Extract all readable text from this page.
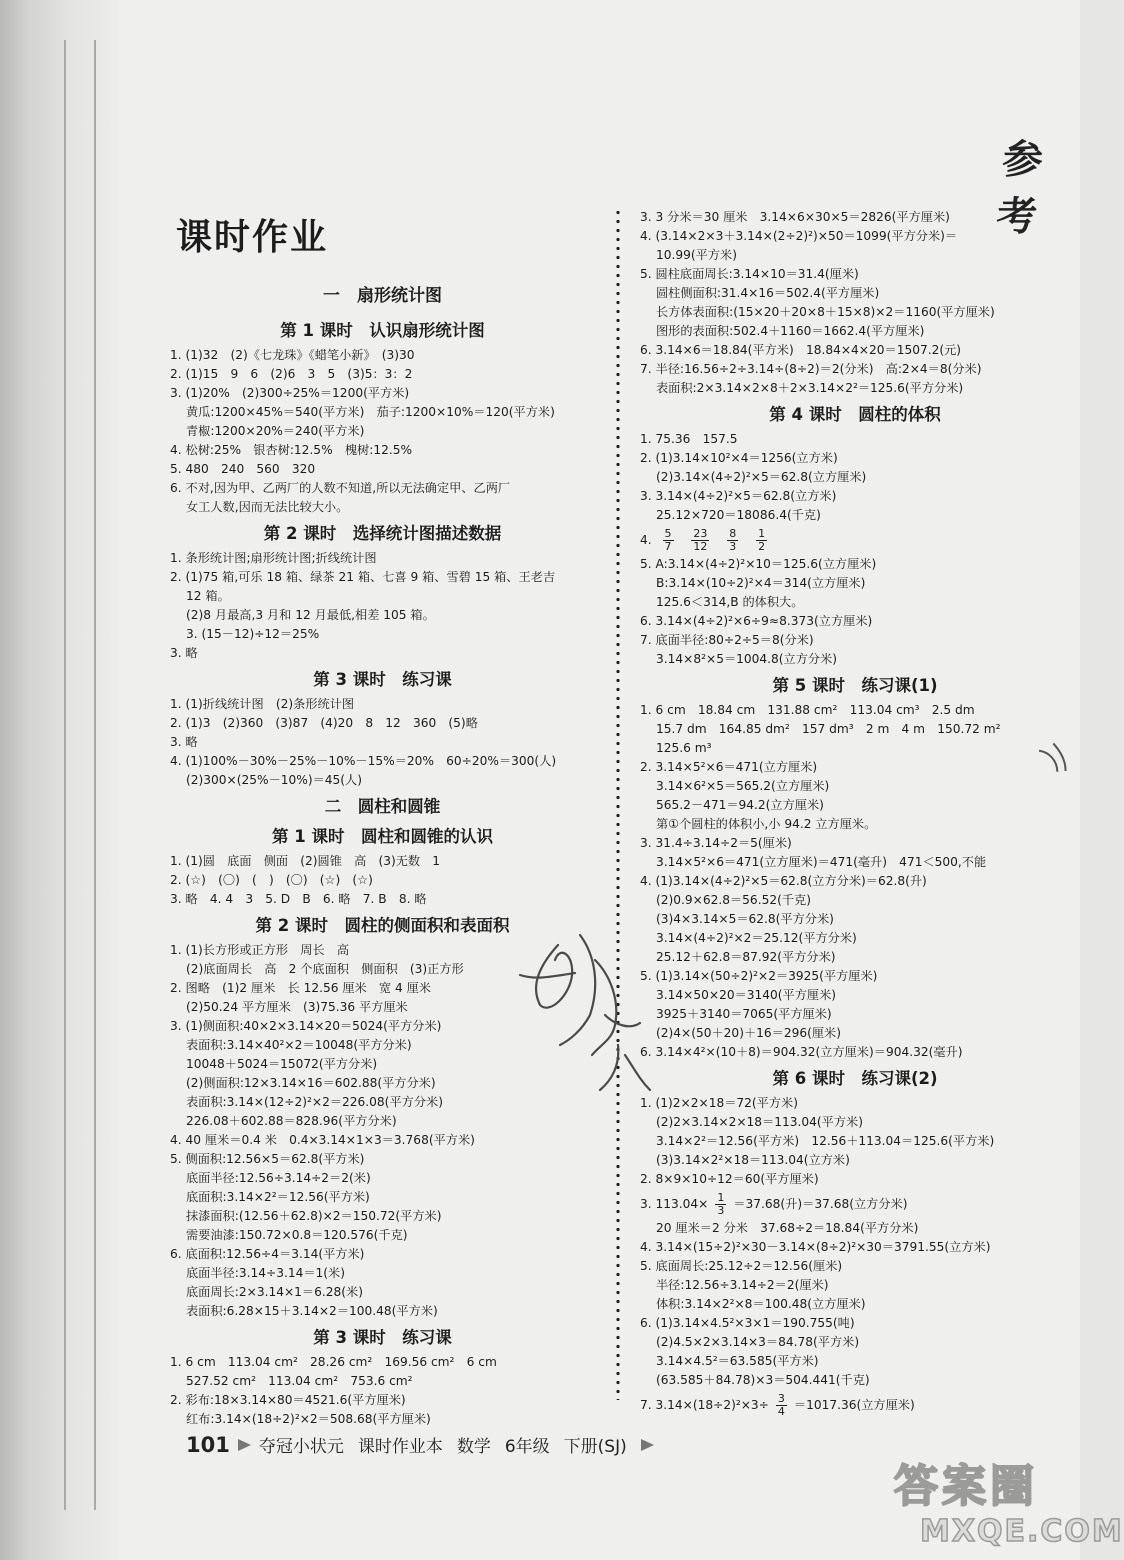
参考
课时作业
一　扇形统计图
第 1 课时　认识扇形统计图
1. (1)32　(2)《七龙珠》《蜡笔小新》　(3)30
2. (1)15　9　6　(2)6　3　5　(3)5：3：2
3. (1)20%　(2)300÷25%＝1200(平方米)
黄瓜:1200×45%＝540(平方米)　茄子:1200×10%＝120(平方米)
青椒:1200×20%＝240(平方米)
4. 松树:25%　银杏树:12.5%　槐树:12.5%
5. 480　240　560　320
6. 不对,因为甲、乙两厂的人数不知道,所以无法确定甲、乙两厂
女工人数,因而无法比较大小。
第 2 课时　选择统计图描述数据
1. 条形统计图;扇形统计图;折线统计图
2. (1)75 箱,可乐 18 箱、绿茶 21 箱、七喜 9 箱、雪碧 15 箱、王老吉
12 箱。
(2)8 月最高,3 月和 12 月最低,相差 105 箱。
3. (15－12)÷12＝25%
3. 略
第 3 课时　练习课
1. (1)折线统计图　(2)条形统计图
2. (1)3　(2)360　(3)87　(4)20　8　12　360　(5)略
3. 略
4. (1)100%－30%－25%－10%－15%＝20%　60÷20%＝300(人)
(2)300×(25%－10%)＝45(人)
二　圆柱和圆锥
第 1 课时　圆柱和圆锥的认识
1. (1)圆　底面　侧面　(2)圆锥　高　(3)无数　1
2. (☆)　(〇)　(　)　(〇)　(☆)　(☆)
3. 略　4. 4　3　5. D　B　6. 略　7. B　8. 略
第 2 课时　圆柱的侧面积和表面积
1. (1)长方形或正方形　周长　高
(2)底面周长　高　2 个底面积　侧面积　(3)正方形
2. 图略　(1)2 厘米　长 12.56 厘米　宽 4 厘米
(2)50.24 平方厘米　(3)75.36 平方厘米
3. (1)侧面积:40×2×3.14×20＝5024(平方分米)
表面积:3.14×40²×2＝10048(平方分米)
10048＋5024＝15072(平方分米)
(2)侧面积:12×3.14×16＝602.88(平方分米)
表面积:3.14×(12÷2)²×2＝226.08(平方分米)
226.08＋602.88＝828.96(平方分米)
4. 40 厘米＝0.4 米　0.4×3.14×1×3＝3.768(平方米)
5. 侧面积:12.56×5＝62.8(平方米)
底面半径:12.56÷3.14÷2＝2(米)
底面积:3.14×2²＝12.56(平方米)
抹漆面积:(12.56＋62.8)×2＝150.72(平方米)
需要油漆:150.72×0.8＝120.576(千克)
6. 底面积:12.56÷4＝3.14(平方米)
底面半径:3.14÷3.14＝1(米)
底面周长:2×3.14×1＝6.28(米)
表面积:6.28×15＋3.14×2＝100.48(平方米)
第 3 课时　练习课
1. 6 cm　113.04 cm²　28.26 cm²　169.56 cm²　6 cm
527.52 cm²　113.04 cm²　753.6 cm²
2. 彩布:18×3.14×80＝4521.6(平方厘米)
红布:3.14×(18÷2)²×2＝508.68(平方厘米)
3. 3 分米＝30 厘米　3.14×6×30×5＝2826(平方厘米)
4. (3.14×2×3＋3.14×(2÷2)²)×50＝1099(平方分米)＝
10.99(平方米)
5. 圆柱底面周长:3.14×10＝31.4(厘米)
圆柱侧面积:31.4×16＝502.4(平方厘米)
长方体表面积:(15×20＋20×8＋15×8)×2＝1160(平方厘米)
图形的表面积:502.4＋1160＝1662.4(平方厘米)
6. 3.14×6＝18.84(平方米)　18.84×4×20＝1507.2(元)
7. 半径:16.56÷2÷3.14÷(8÷2)＝2(分米)　高:2×4＝8(分米)
表面积:2×3.14×2×8＋2×3.14×2²＝125.6(平方分米)
第 4 课时　圆柱的体积
1. 75.36　157.5
2. (1)3.14×10²×4＝1256(立方米)
(2)3.14×(4÷2)²×5＝62.8(立方厘米)
3. 3.14×(4÷2)²×5＝62.8(立方米)
25.12×720＝18086.4(千克)
4. $\frac{5}{7}$
$\frac{23}{12}$
$\frac{8}{3}$
$\frac{1}{2}$
5. A:3.14×(4÷2)²×10＝125.6(立方厘米)
B:3.14×(10÷2)²×4＝314(立方厘米)
125.6＜314,B 的体积大。
6. 3.14×(4÷2)²×6÷9≈8.373(立方厘米)
7. 底面半径:80÷2÷5＝8(分米)
3.14×8²×5＝1004.8(立方分米)
第 5 课时　练习课(1)
1. 6 cm　18.84 cm　131.88 cm²　113.04 cm³　2.5 dm
15.7 dm　164.85 dm²　157 dm³　2 m　4 m　150.72 m²
125.6 m³
2. 3.14×5²×6＝471(立方厘米)
3.14×6²×5＝565.2(立方厘米)
565.2－471＝94.2(立方厘米)
第①个圆柱的体积小,小 94.2 立方厘米。
3. 31.4÷3.14÷2＝5(厘米)
3.14×5²×6＝471(立方厘米)＝471(毫升)　471＜500,不能
4. (1)3.14×(4÷2)²×5＝62.8(立方分米)＝62.8(升)
(2)0.9×62.8＝56.52(千克)
(3)4×3.14×5＝62.8(平方分米)
3.14×(4÷2)²×2＝25.12(平方分米)
25.12＋62.8＝87.92(平方分米)
5. (1)3.14×(50÷2)²×2＝3925(平方厘米)
3.14×50×20＝3140(平方厘米)
3925＋3140＝7065(平方厘米)
(2)4×(50＋20)＋16＝296(厘米)
6. 3.14×4²×(10＋8)＝904.32(立方厘米)＝904.32(毫升)
第 6 课时　练习课(2)
1. (1)2×2×18＝72(平方米)
(2)2×3.14×2×18＝113.04(平方米)
3.14×2²＝12.56(平方米)　12.56＋113.04＝125.6(平方米)
(3)3.14×2²×18＝113.04(立方米)
2. 8×9×10÷12＝60(平方厘米)
3. $113.04\times \frac{1}{3} =37.68$(升)＝37.68(立方分米)
20 厘米＝2 分米　37.68÷2＝18.84(平方分米)
4. 3.14×(15÷2)²×30－3.14×(8÷2)²×30＝3791.55(立方米)
5. 底面周长:25.12÷2＝12.56(厘米)
半径:12.56÷3.14÷2＝2(厘米)
体积:3.14×2²×8＝100.48(立方厘米)
6. (1)3.14×4.5²×3×1＝190.755(吨)
(2)4.5×2×3.14×3＝84.78(平方米)
3.14×4.5²＝63.585(平方米)
(63.585＋84.78)×3＝504.441(千克)
7. $3.14\times(18\div 2)^2\times 3\div \frac{3}{4} =1017.36$(立方厘米)
101 夺冠小状元 课时作业本 数学 6年级 下册(SJ)
答案圈
MXQE.COM
